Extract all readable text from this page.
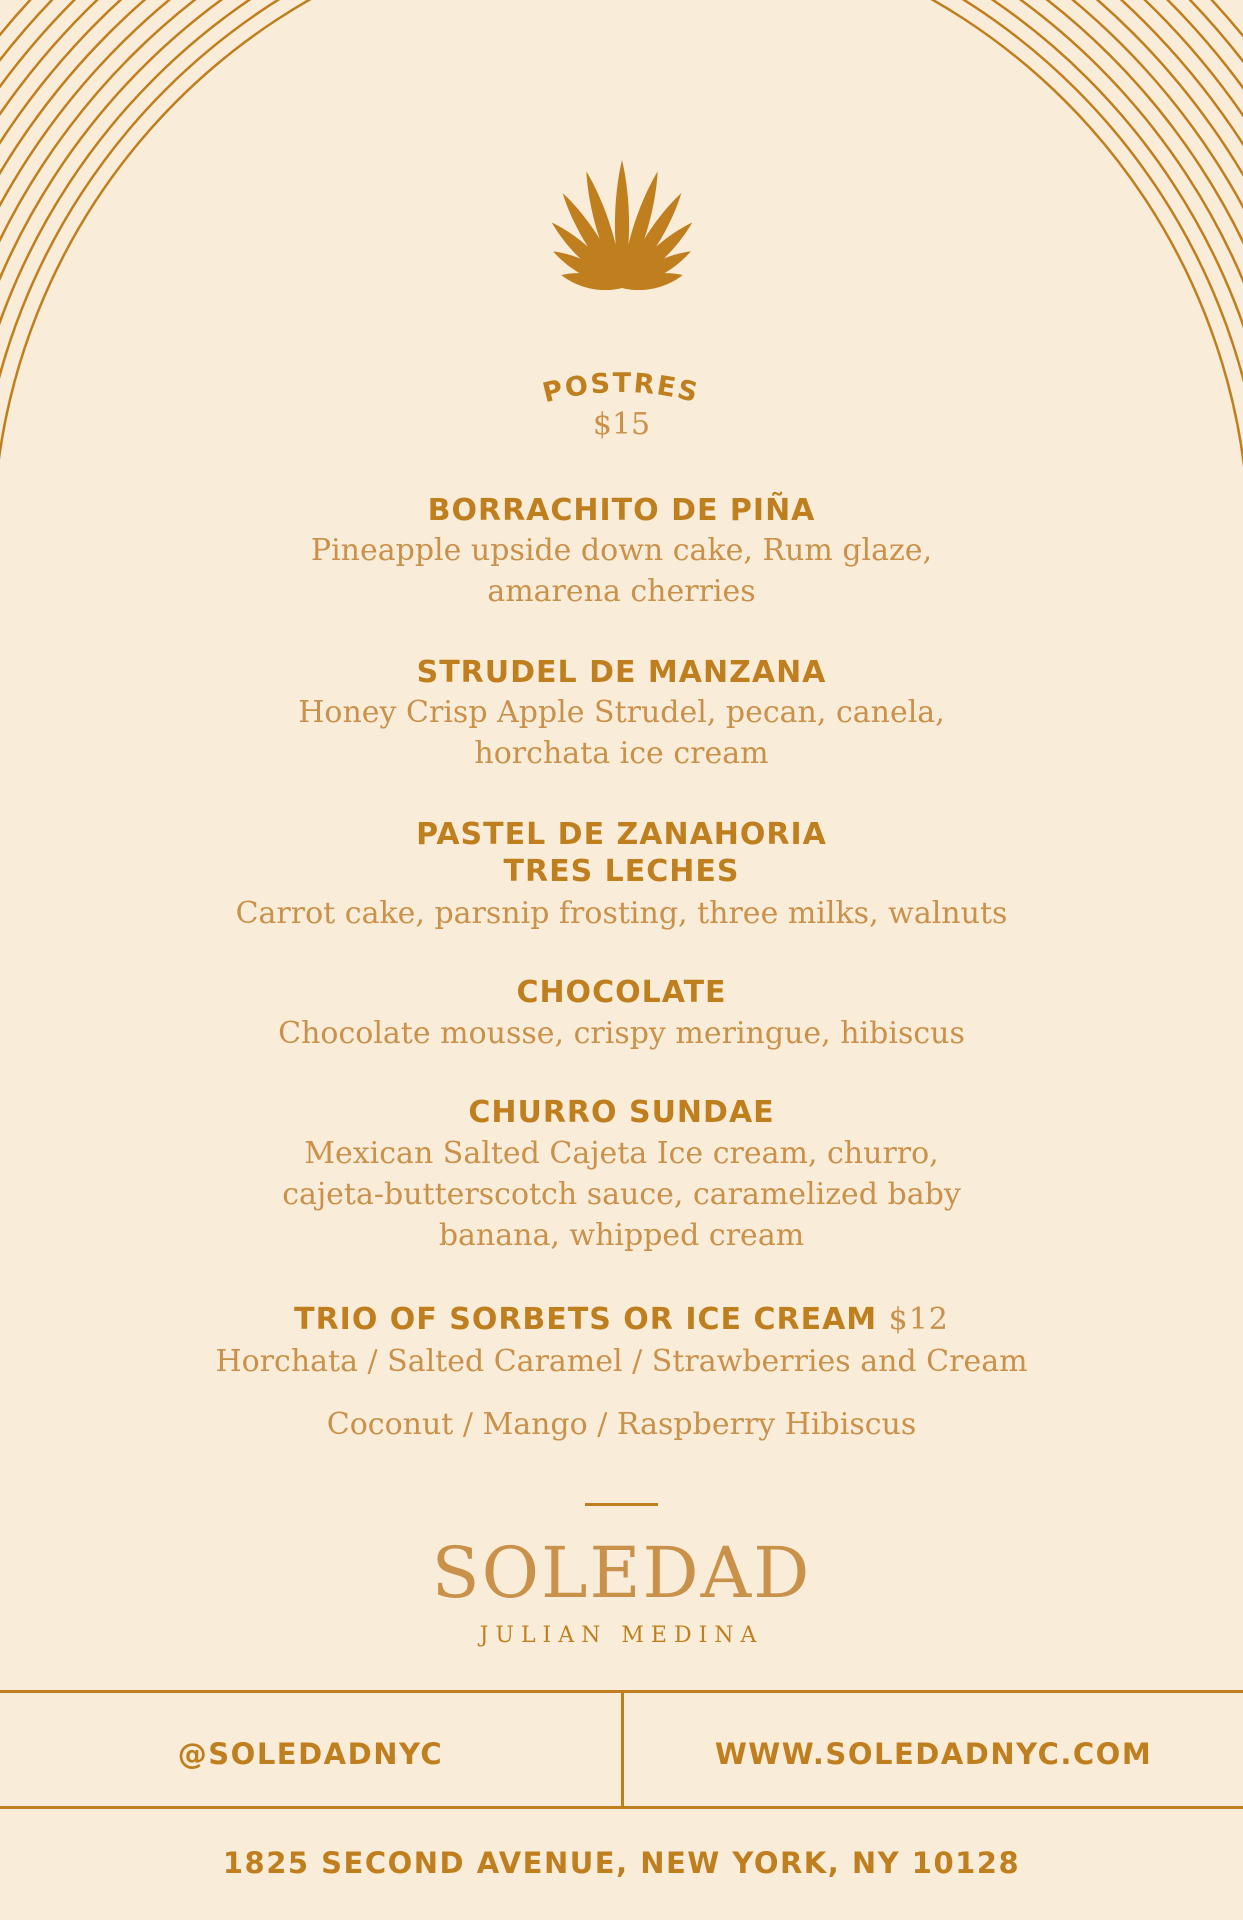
POSTRES
$15
BORRACHITO DE PIÑA
Pineapple upside down cake, Rum glaze,
amarena cherries
STRUDEL DE MANZANA
Honey Crisp Apple Strudel, pecan, canela,
horchata ice cream
PASTEL DE ZANAHORIA
TRES LECHES
Carrot cake, parsnip frosting, three milks, walnuts
CHOCOLATE
Chocolate mousse, crispy meringue, hibiscus
CHURRO SUNDAE
Mexican Salted Cajeta Ice cream, churro,
cajeta-butterscotch sauce, caramelized baby
banana, whipped cream
TRIO OF SORBETS OR ICE CREAM $12
Horchata / Salted Caramel / Strawberries and Cream
Coconut / Mango / Raspberry Hibiscus
SOLEDAD
JULIAN MEDINA
@SOLEDADNYC	WWW.SOLEDADNYC.COM
1825 SECOND AVENUE, NEW YORK, NY 10128
